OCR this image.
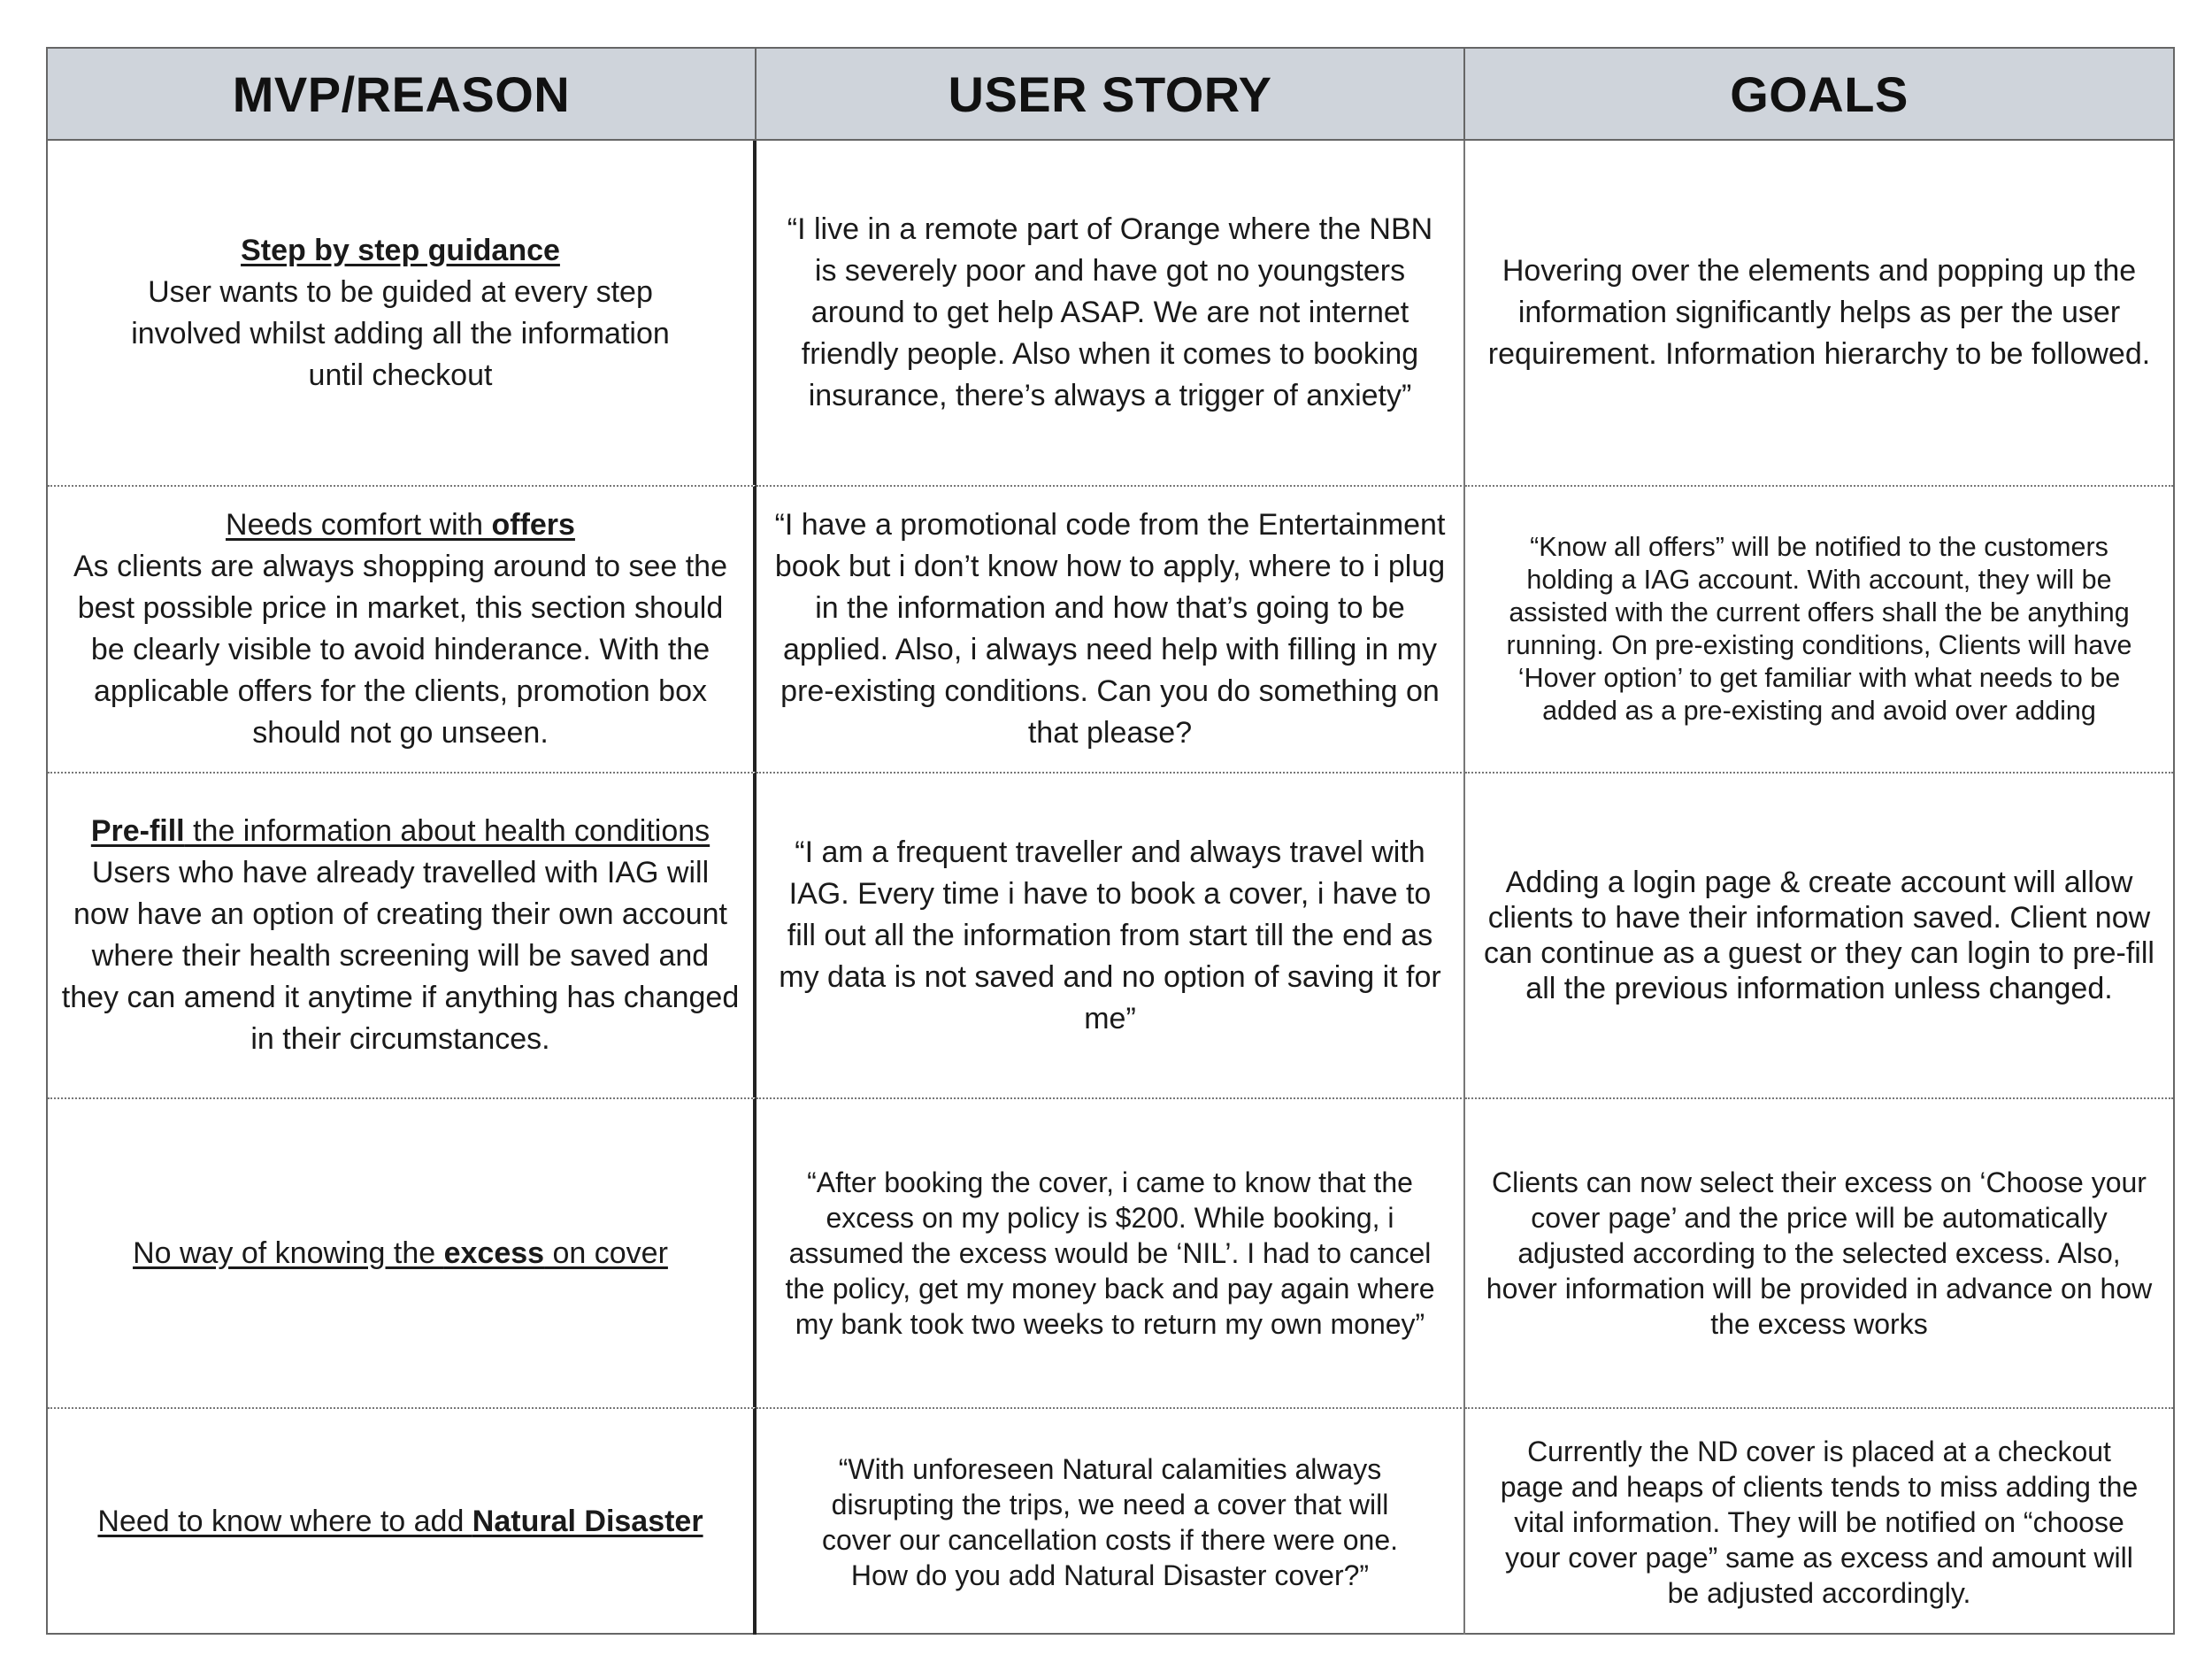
MVP/REASON	USER STORY	GOALS
Step by step guidance
User wants to be guided at every step involved whilst adding all the information until checkout
“I live in a remote part of Orange where the NBN is severely poor and have got no youngsters around to get help ASAP. We are not internet friendly people. Also when it comes to booking insurance, there’s always a trigger of anxiety”
Hovering over the elements and popping up the information significantly helps as per the user requirement. Information hierarchy to be followed.
Needs comfort with offers
As clients are always shopping around to see the best possible price in market, this section should be clearly visible to avoid hinderance. With the applicable offers for the clients, promotion box should not go unseen.
“I have a promotional code from the Entertainment book but i don’t know how to apply, where to i plug in the information and how that’s going to be applied. Also, i always need help with filling in my pre-existing conditions. Can you do something on that please?
“Know all offers” will be notified to the customers holding a IAG account. With account, they will be assisted with the current offers shall the be anything running. On pre-existing conditions, Clients will have ‘Hover option’ to get familiar with what needs to be added as a pre-existing and avoid over adding
Pre-fill the information about health conditions
Users who have already travelled with IAG will now have an option of creating their own account where their health screening will be saved and they can amend it anytime if anything has changed in their circumstances.
“I am a frequent traveller and always travel with IAG. Every time i have to book a cover, i have to fill out all the information from start till the end as my data is not saved and no option of saving it for me”
Adding a login page & create account will allow clients to have their information saved. Client now can continue as a guest or they can login to pre-fill all the previous information unless changed.
No way of knowing the excess on cover
“After booking the cover, i came to know that the excess on my policy is $200. While booking, i assumed the excess would be ‘NIL’. I had to cancel the policy, get my money back and pay again where my bank took two weeks to return my own money”
Clients can now select their excess on ‘Choose your cover page’ and the price will be automatically adjusted according to the selected excess. Also, hover information will be provided in advance on how the excess works
Need to know where to add Natural Disaster
“With unforeseen Natural calamities always disrupting the trips, we need a cover that will cover our cancellation costs if there were one. How do you add Natural Disaster cover?”
Currently the ND cover is placed at a checkout page and heaps of clients tends to miss adding the vital information. They will be notified on “choose your cover page” same as excess and amount will be adjusted accordingly.
